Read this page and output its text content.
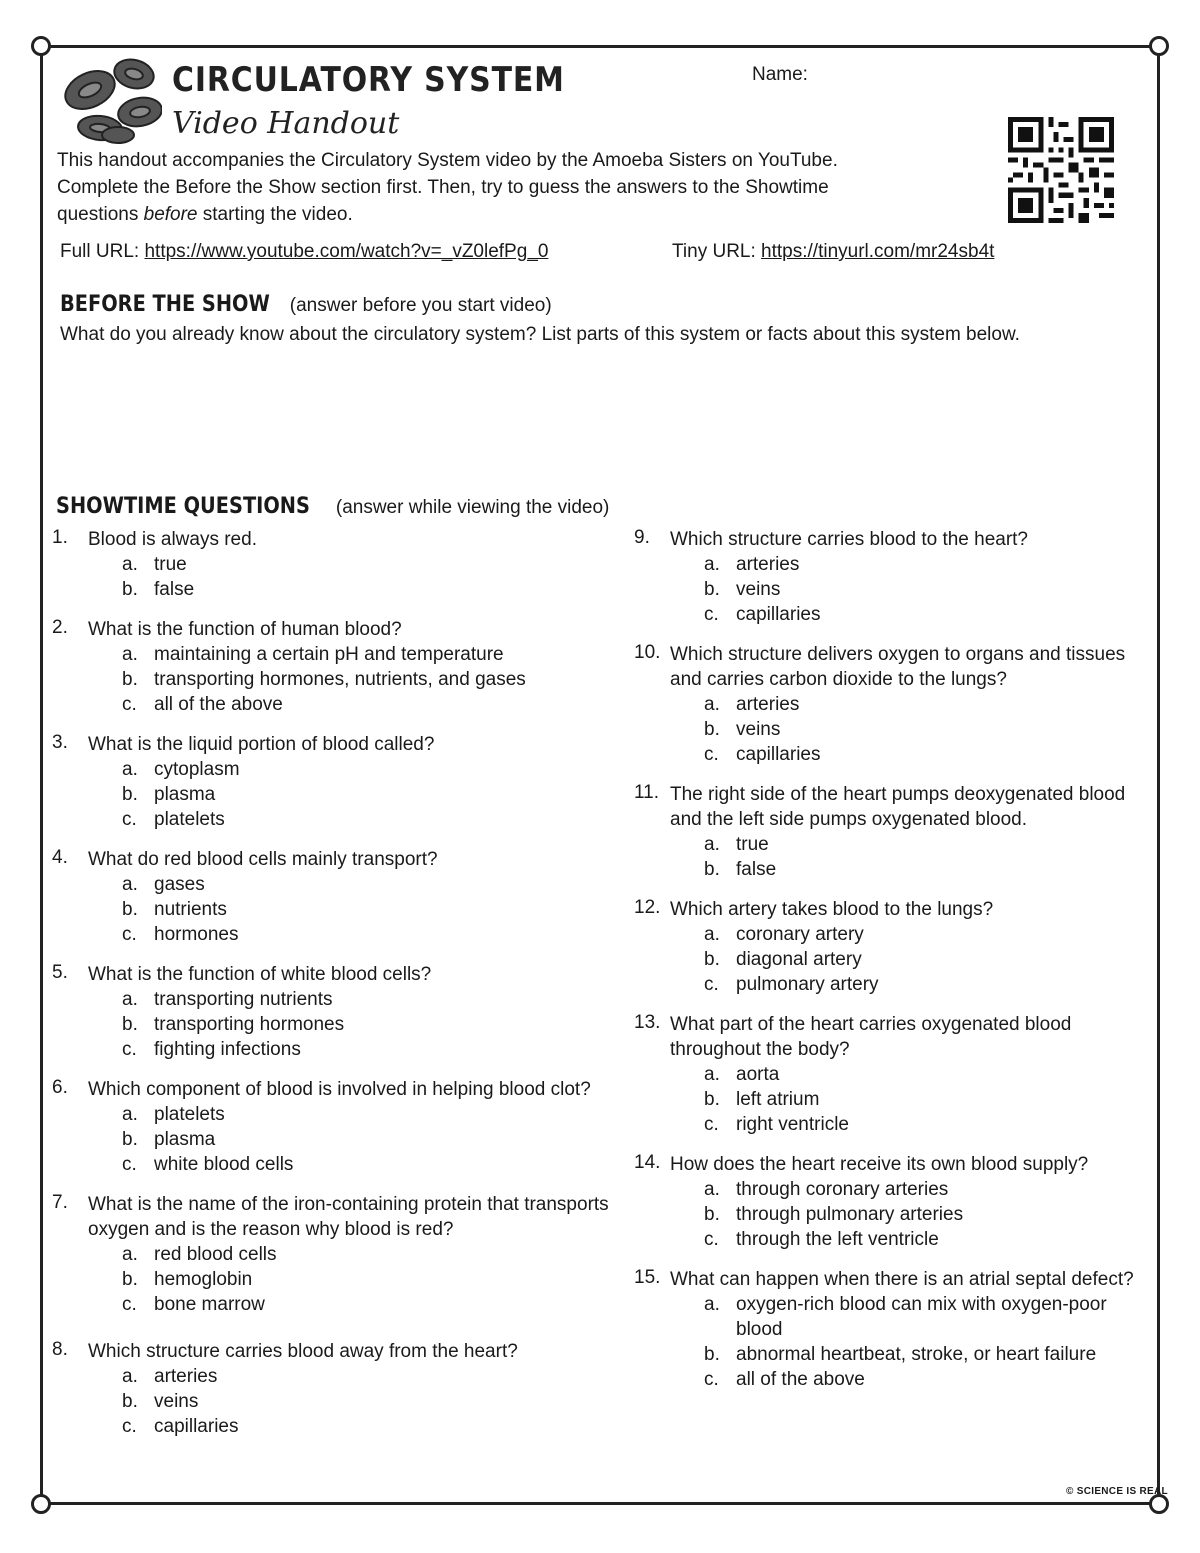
CIRCULATORY SYSTEM
Video Handout
Name:
This handout accompanies the Circulatory System video by the Amoeba Sisters on YouTube.
Complete the Before the Show section first. Then, try to guess the answers to the Showtime
questions before starting the video.
Full URL: https://www.youtube.com/watch?v=_vZ0lefPg_0	Tiny URL: https://tinyurl.com/mr24sb4t
BEFORE THE SHOW (answer before you start video)
What do you already know about the circulatory system? List parts of this system or facts about this system below.
SHOWTIME QUESTIONS (answer while viewing the video)
1. Blood is always red.
a. true
b. false
2. What is the function of human blood?
a. maintaining a certain pH and temperature
b. transporting hormones, nutrients, and gases
c. all of the above
3. What is the liquid portion of blood called?
a. cytoplasm
b. plasma
c. platelets
4. What do red blood cells mainly transport?
a. gases
b. nutrients
c. hormones
5. What is the function of white blood cells?
a. transporting nutrients
b. transporting hormones
c. fighting infections
6. Which component of blood is involved in helping blood clot?
a. platelets
b. plasma
c. white blood cells
7. What is the name of the iron-containing protein that transports oxygen and is the reason why blood is red?
a. red blood cells
b. hemoglobin
c. bone marrow
8. Which structure carries blood away from the heart?
a. arteries
b. veins
c. capillaries
9. Which structure carries blood to the heart?
a. arteries
b. veins
c. capillaries
10. Which structure delivers oxygen to organs and tissues and carries carbon dioxide to the lungs?
a. arteries
b. veins
c. capillaries
11. The right side of the heart pumps deoxygenated blood and the left side pumps oxygenated blood.
a. true
b. false
12. Which artery takes blood to the lungs?
a. coronary artery
b. diagonal artery
c. pulmonary artery
13. What part of the heart carries oxygenated blood throughout the body?
a. aorta
b. left atrium
c. right ventricle
14. How does the heart receive its own blood supply?
a. through coronary arteries
b. through pulmonary arteries
c. through the left ventricle
15. What can happen when there is an atrial septal defect?
a. oxygen-rich blood can mix with oxygen-poor blood
b. abnormal heartbeat, stroke, or heart failure
c. all of the above
© SCIENCE IS REAL
